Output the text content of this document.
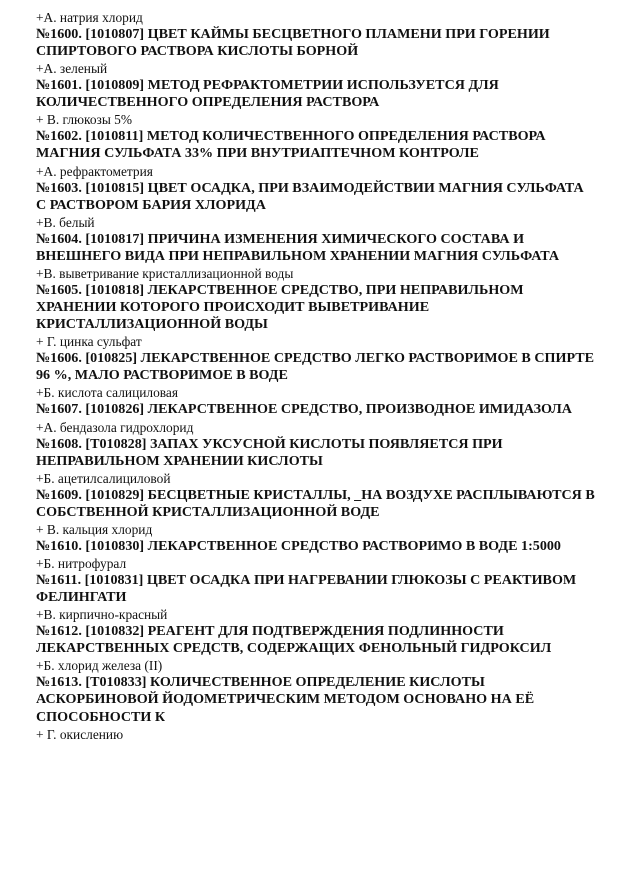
+А. натрия хлорид

№1600. [1010807] ЦВЕТ КАЙМЫ БЕСЦВЕТНОГО ПЛАМЕНИ ПРИ ГОРЕНИИ СПИРТОВОГО РАСТВОРА КИСЛОТЫ БОРНОЙ

+А. зеленый

№1601. [1010809] МЕТОД РЕФРАКТОМЕТРИИ ИСПОЛЬЗУЕТСЯ ДЛЯ КОЛИЧЕСТВЕННОГО ОПРЕДЕЛЕНИЯ РАСТВОРА

+ В. глюкозы 5%

№1602. [1010811] МЕТОД КОЛИЧЕСТВЕННОГО ОПРЕДЕЛЕНИЯ РАСТВОРА МАГНИЯ СУЛЬФАТА 33% ПРИ ВНУТРИАПТЕЧНОМ КОНТРОЛЕ

+А. рефрактометрия

№1603. [1010815] ЦВЕТ ОСАДКА, ПРИ ВЗАИМОДЕЙСТВИИ МАГНИЯ СУЛЬФАТА С РАСТВОРОМ БАРИЯ ХЛОРИДА

+В. белый

№1604. [1010817] ПРИЧИНА ИЗМЕНЕНИЯ ХИМИЧЕСКОГО СОСТАВА И ВНЕШНЕГО ВИДА ПРИ НЕПРАВИЛЬНОМ ХРАНЕНИИ МАГНИЯ СУЛЬФАТА

+В. выветривание кристаллизационной воды

№1605. [1010818] ЛЕКАРСТВЕННОЕ СРЕДСТВО, ПРИ НЕПРАВИЛЬНОМ ХРАНЕНИИ КОТОРОГО ПРОИСХОДИТ ВЫВЕТРИВАНИЕ КРИСТАЛЛИЗАЦИОННОЙ ВОДЫ

+ Г. цинка сульфат

№1606. [010825] ЛЕКАРСТВЕННОЕ СРЕДСТВО ЛЕГКО РАСТВОРИМОЕ В СПИРТЕ 96 %, МАЛО РАСТВОРИМОЕ В ВОДЕ

+Б. кислота салициловая

№1607. [1010826] ЛЕКАРСТВЕННОЕ СРЕДСТВО, ПРОИЗВОДНОЕ ИМИДАЗОЛА

+А. бендазола гидрохлорид

№1608. [Т010828] ЗАПАХ УКСУСНОЙ КИСЛОТЫ ПОЯВЛЯЕТСЯ ПРИ НЕПРАВИЛЬНОМ ХРАНЕНИИ КИСЛОТЫ

+Б. ацетилсалициловой

№1609. [1010829] БЕСЦВЕТНЫЕ КРИСТАЛЛЫ, _НА ВОЗДУХЕ РАСПЛЫВАЮТСЯ В СОБСТВЕННОЙ КРИСТАЛЛИЗАЦИОННОЙ ВОДЕ

+ В. кальция хлорид

№1610. [1010830] ЛЕКАРСТВЕННОЕ СРЕДСТВО РАСТВОРИМО В ВОДЕ 1:5000

+Б. нитрофурал

№1611. [1010831] ЦВЕТ ОСАДКА ПРИ НАГРЕВАНИИ ГЛЮКОЗЫ С РЕАКТИВОМ ФЕЛИНГАТИ

+В. кирпично-красный

№1612. [1010832] РЕАГЕНТ ДЛЯ ПОДТВЕРЖДЕНИЯ ПОДЛИННОСТИ ЛЕКАРСТВЕННЫХ СРЕДСТВ, СОДЕРЖАЩИХ ФЕНОЛЬНЫЙ ГИДРОКСИЛ

+Б. хлорид железа (II)

№1613. [Т010833] КОЛИЧЕСТВЕННОЕ ОПРЕДЕЛЕНИЕ КИСЛОТЫ АСКОРБИНОВОЙ ЙОДОМЕТРИЧЕСКИМ МЕТОДОМ ОСНОВАНО НА ЕЁ СПОСОБНОСТИ К

+ Г. окислению
